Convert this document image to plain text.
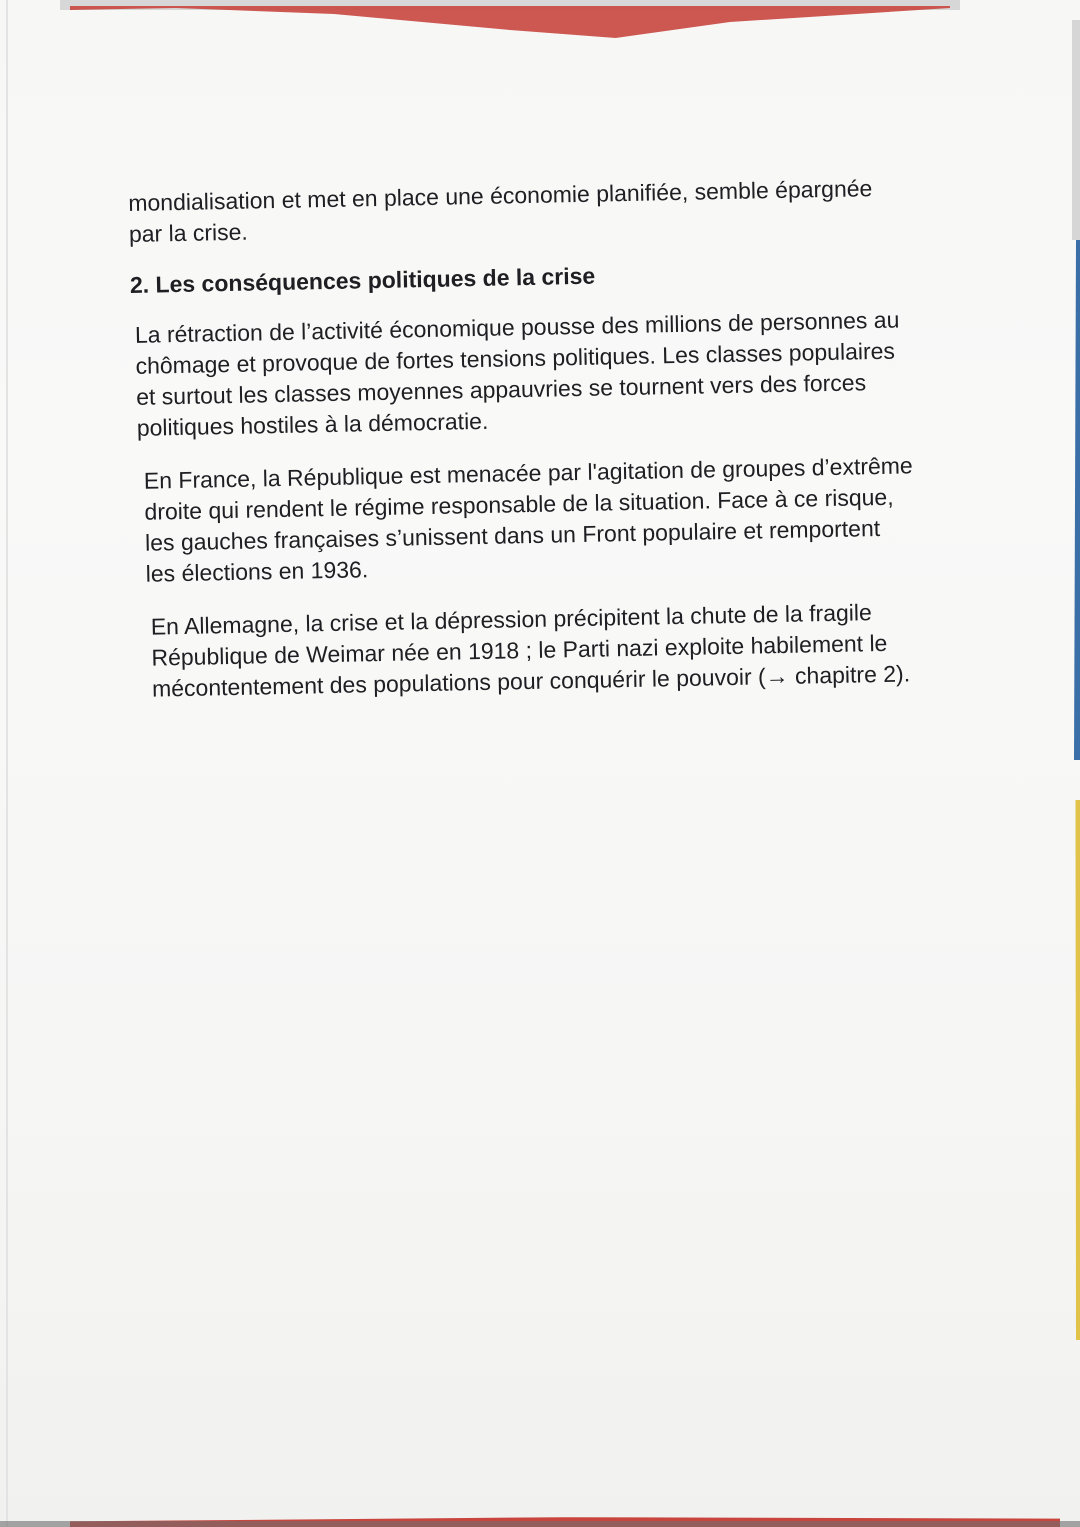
mondialisation et met en place une économie planifiée, semble épargnée par la crise.

2. Les conséquences politiques de la crise

La rétraction de l’activité économique pousse des millions de personnes au chômage et provoque de fortes tensions politiques. Les classes populaires et surtout les classes moyennes appauvries se tournent vers des forces politiques hostiles à la démocratie.

En France, la République est menacée par l'agitation de groupes d’extrême droite qui rendent le régime responsable de la situation. Face à ce risque, les gauches françaises s’unissent dans un Front populaire et remportent les élections en 1936.

En Allemagne, la crise et la dépression précipitent la chute de la fragile République de Weimar née en 1918 ; le Parti nazi exploite habilement le mécontentement des populations pour conquérir le pouvoir (→ chapitre 2).
